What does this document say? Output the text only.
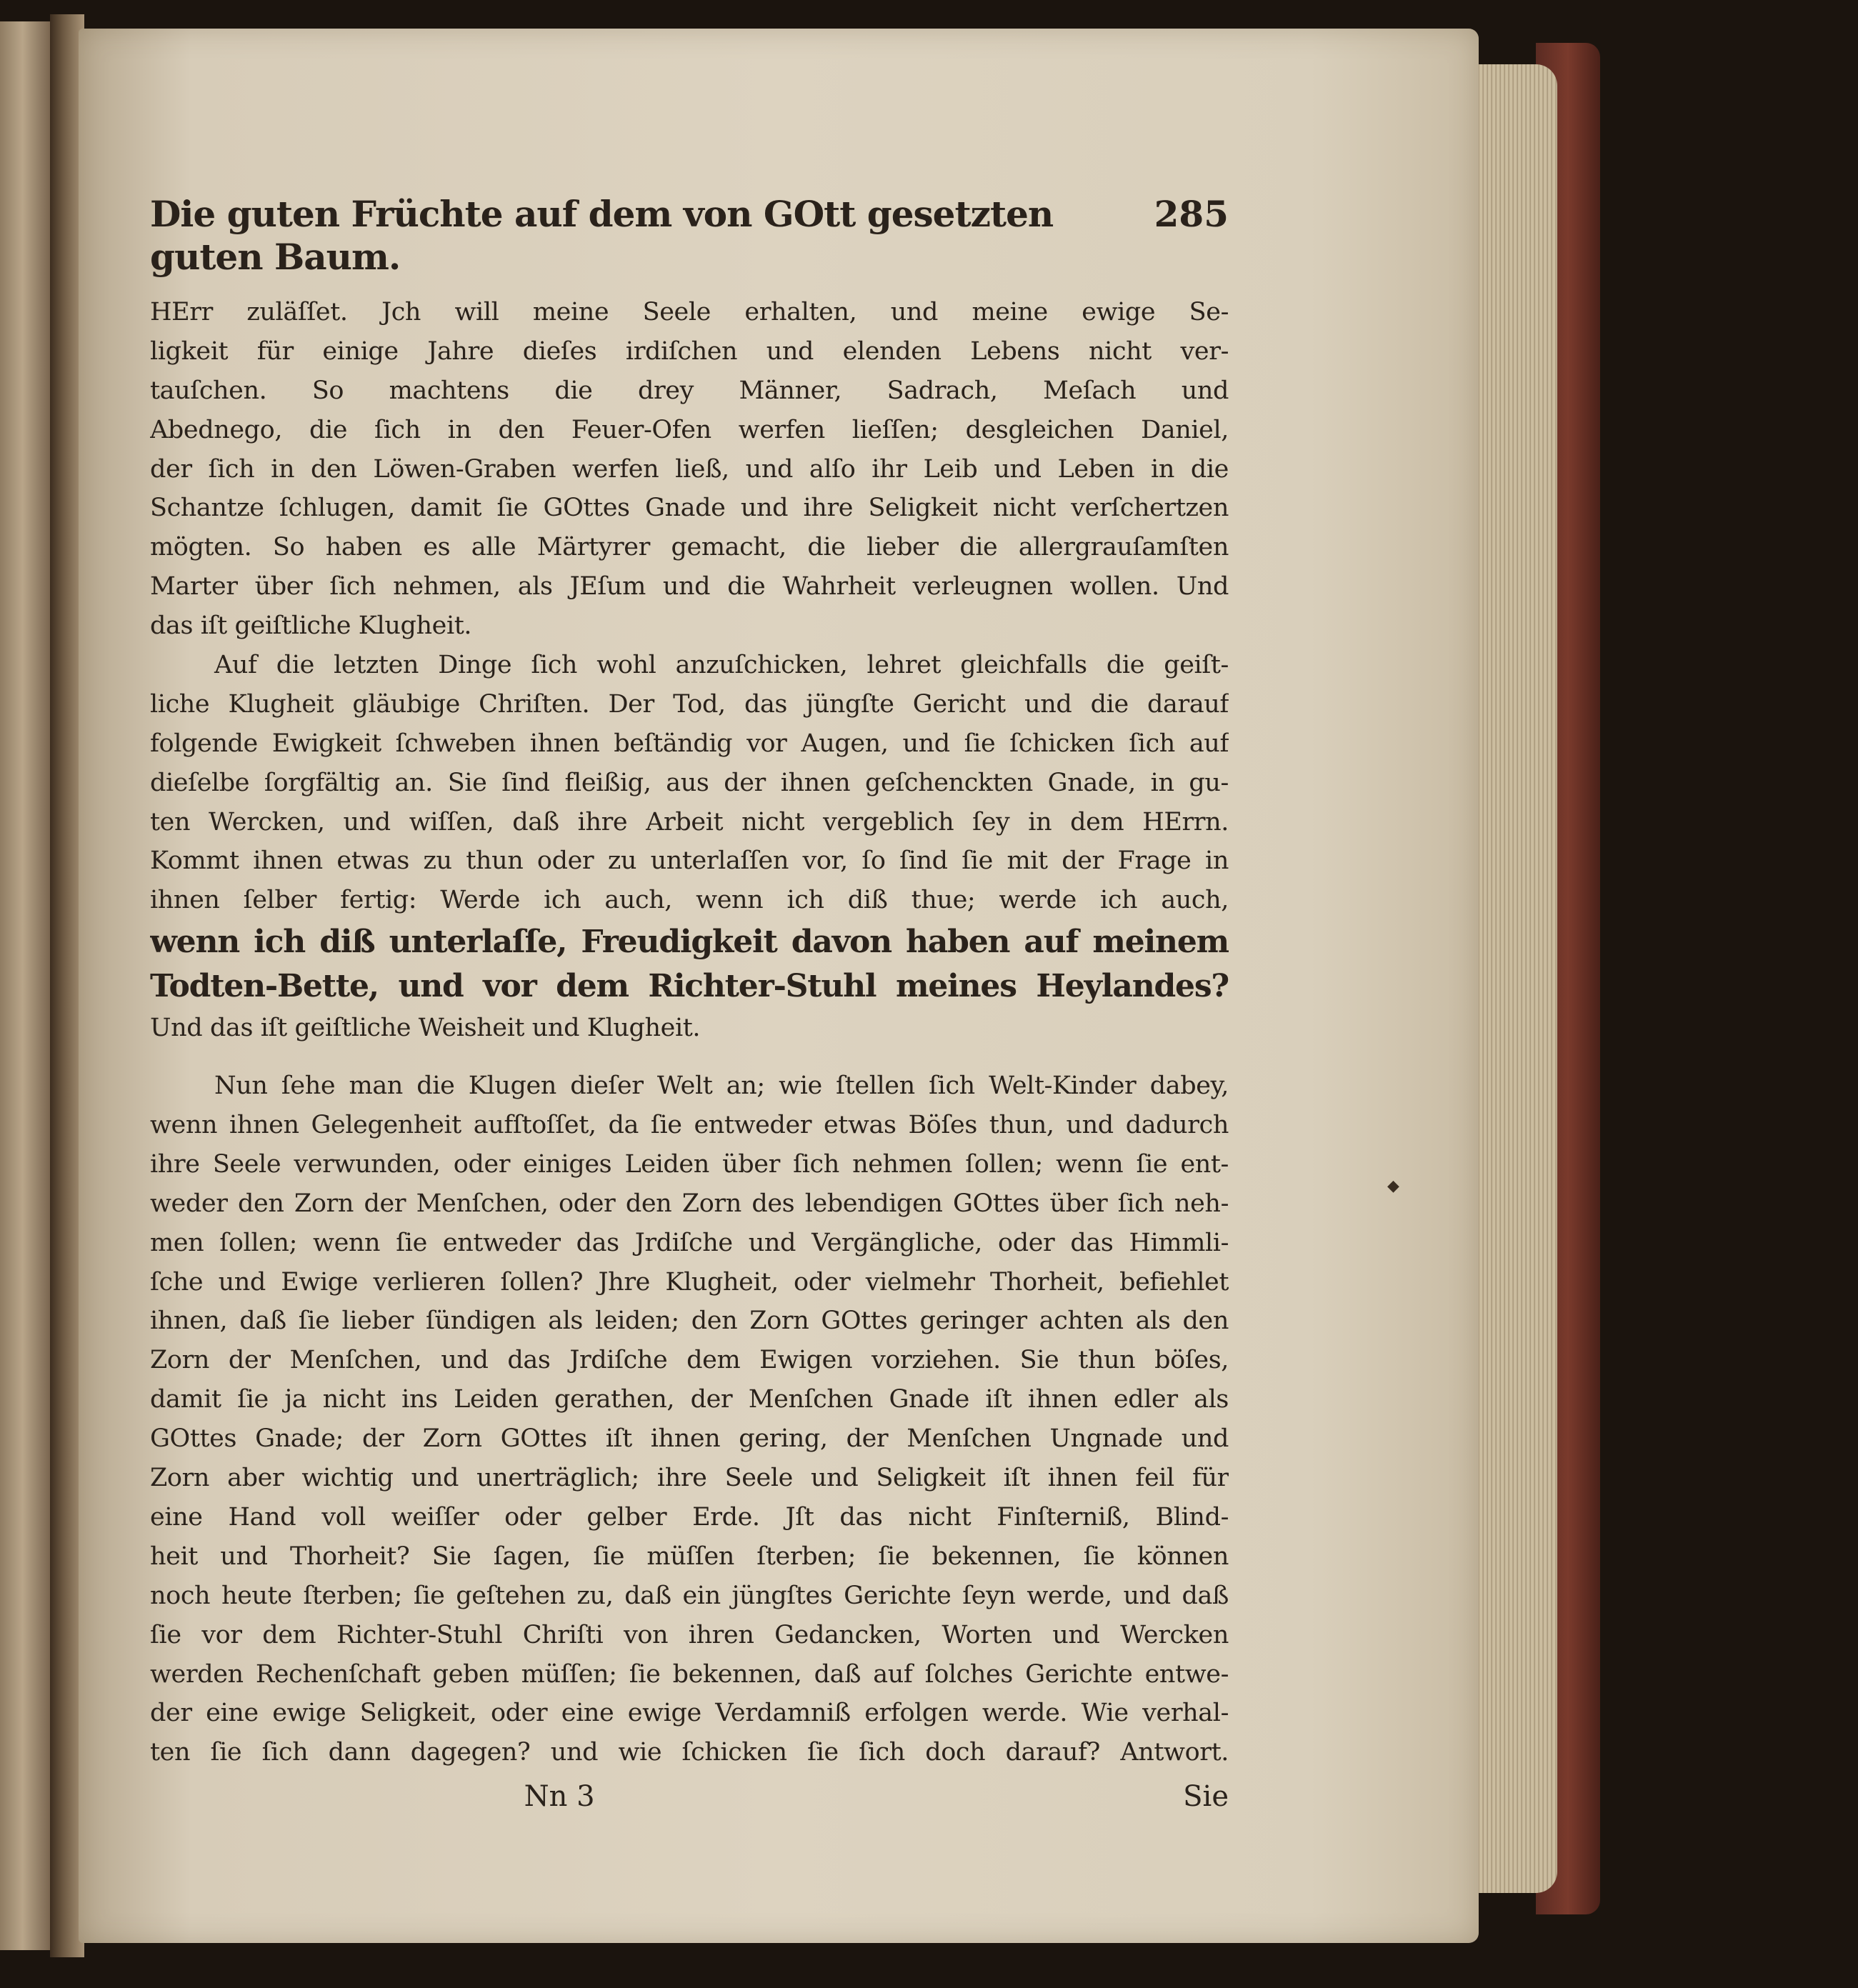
◆
Die guten Früchte auf dem von GOtt gesetzten guten Baum.
285
HErr zuläſſet. Jch will meine Seele erhalten, und meine ewige Se-
ligkeit für einige Jahre dieſes irdiſchen und elenden Lebens nicht ver-
tauſchen. So machtens die drey Männer, Sadrach, Meſach und
Abednego, die ſich in den Feuer-Ofen werfen lieſſen; desgleichen Daniel,
der ſich in den Löwen-Graben werfen ließ, und alſo ihr Leib und Leben in die
Schantze ſchlugen, damit ſie GOttes Gnade und ihre Seligkeit nicht verſchertzen
mögten. So haben es alle Märtyrer gemacht, die lieber die allergrauſamſten
Marter über ſich nehmen, als JEſum und die Wahrheit verleugnen wollen. Und
das iſt geiſtliche Klugheit.
Auf die letzten Dinge ſich wohl anzuſchicken, lehret gleichfalls die geiſt-
liche Klugheit gläubige Chriſten. Der Tod, das jüngſte Gericht und die darauf
folgende Ewigkeit ſchweben ihnen beſtändig vor Augen, und ſie ſchicken ſich auf
dieſelbe ſorgfältig an. Sie ſind fleißig, aus der ihnen geſchenckten Gnade, in gu-
ten Wercken, und wiſſen, daß ihre Arbeit nicht vergeblich ſey in dem HErrn.
Kommt ihnen etwas zu thun oder zu unterlaſſen vor, ſo ſind ſie mit der Frage in
ihnen ſelber fertig: Werde ich auch, wenn ich diß thue; werde ich auch,
wenn ich diß unterlaſſe, Freudigkeit davon haben auf meinem
Todten-Bette, und vor dem Richter-Stuhl meines Heylandes?
Und das iſt geiſtliche Weisheit und Klugheit.
Nun ſehe man die Klugen dieſer Welt an; wie ſtellen ſich Welt-Kinder dabey,
wenn ihnen Gelegenheit aufſtoſſet, da ſie entweder etwas Böſes thun, und dadurch
ihre Seele verwunden, oder einiges Leiden über ſich nehmen ſollen; wenn ſie ent-
weder den Zorn der Menſchen, oder den Zorn des lebendigen GOttes über ſich neh-
men ſollen; wenn ſie entweder das Jrdiſche und Vergängliche, oder das Himmli-
ſche und Ewige verlieren ſollen? Jhre Klugheit, oder vielmehr Thorheit, befiehlet
ihnen, daß ſie lieber ſündigen als leiden; den Zorn GOttes geringer achten als den
Zorn der Menſchen, und das Jrdiſche dem Ewigen vorziehen. Sie thun böſes,
damit ſie ja nicht ins Leiden gerathen, der Menſchen Gnade iſt ihnen edler als
GOttes Gnade; der Zorn GOttes iſt ihnen gering, der Menſchen Ungnade und
Zorn aber wichtig und unerträglich; ihre Seele und Seligkeit iſt ihnen feil für
eine Hand voll weiſſer oder gelber Erde. Jſt das nicht Finſterniß, Blind-
heit und Thorheit? Sie ſagen, ſie müſſen ſterben; ſie bekennen, ſie können
noch heute ſterben; ſie geſtehen zu, daß ein jüngſtes Gerichte ſeyn werde, und daß
ſie vor dem Richter-Stuhl Chriſti von ihren Gedancken, Worten und Wercken
werden Rechenſchaft geben müſſen; ſie bekennen, daß auf ſolches Gerichte entwe-
der eine ewige Seligkeit, oder eine ewige Verdamniß erfolgen werde. Wie verhal-
ten ſie ſich dann dagegen? und wie ſchicken ſie ſich doch darauf? Antwort.
Nn 3	Sie
